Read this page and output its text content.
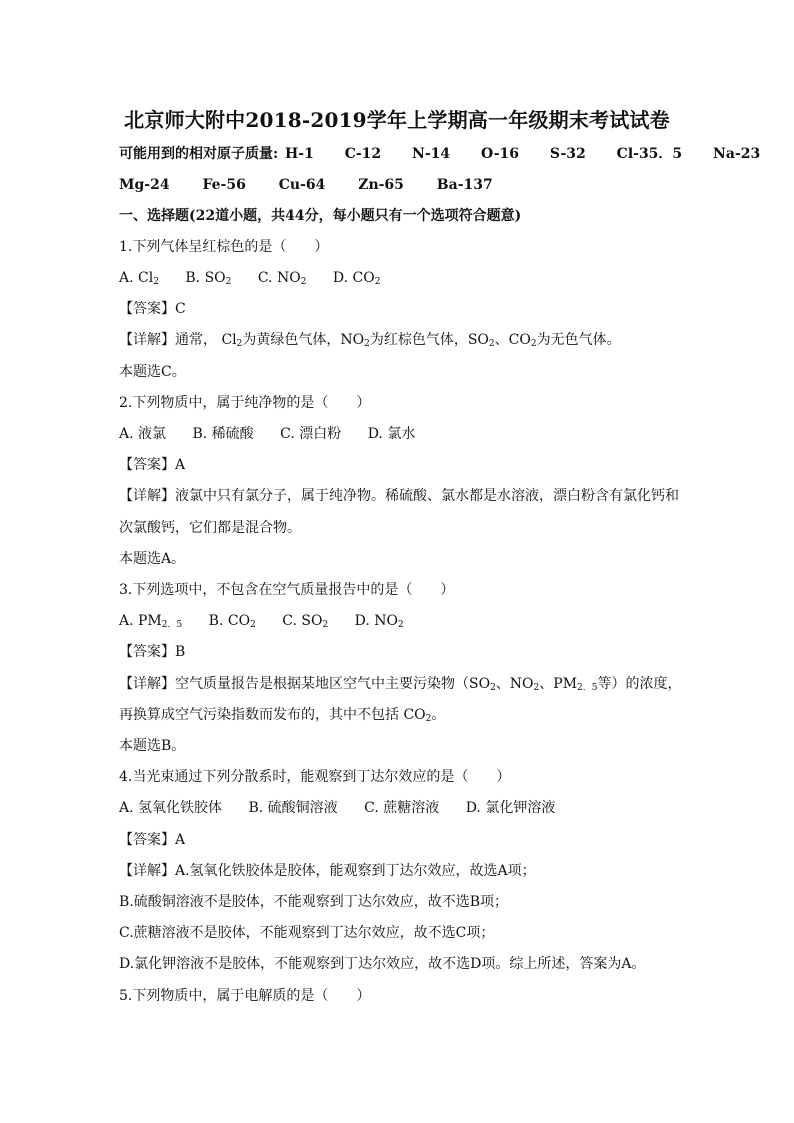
北京师大附中2018-2019学年上学期高一年级期末考试试卷
可能用到的相对原子质量: H-1 C-12 N-14 O-16 S-32 Cl-35．5 Na-23
Mg-24 Fe-56 Cu-64 Zn-65 Ba-137
一、选择题(22道小题，共44分，每小题只有一个选项符合题意)
1.下列气体呈红棕色的是（　　）
A. $Cl_2$ B. $SO_2$ C. $NO_2$ D. $CO_2$
【答案】C
【详解】通常， $Cl_2$为黄绿色气体，$NO_2$为红棕色气体，$SO_2$、$CO_2$为无色气体。
本题选C。
2.下列物质中，属于纯净物的是（　　）
A. 液氯 B. 稀硫酸 C. 漂白粉 D. 氯水
【答案】A
【详解】液氯中只有氯分子，属于纯净物。稀硫酸、氯水都是水溶液，漂白粉含有氯化钙和
次氯酸钙，它们都是混合物。
本题选A。
3.下列选项中，不包含在空气质量报告中的是（　　）
A. $PM_{2.5}$ B. $CO_2$ C. $SO_2$ D. $NO_2$
【答案】B
【详解】空气质量报告是根据某地区空气中主要污染物（$SO_2$、$NO_2$、$PM_{2.5}$等）的浓度，
再换算成空气污染指数而发布的，其中不包括 $CO_2$。
本题选B。
4.当光束通过下列分散系时，能观察到丁达尔效应的是（　　）
A. 氢氧化铁胶体 B. 硫酸铜溶液 C. 蔗糖溶液 D. 氯化钾溶液
【答案】A
【详解】A.氢氧化铁胶体是胶体，能观察到丁达尔效应，故选A项；
B.硫酸铜溶液不是胶体，不能观察到丁达尔效应，故不选B项；
C.蔗糖溶液不是胶体，不能观察到丁达尔效应，故不选C项；
D.氯化钾溶液不是胶体，不能观察到丁达尔效应，故不选D项。综上所述，答案为A。
5.下列物质中，属于电解质的是（　　）
